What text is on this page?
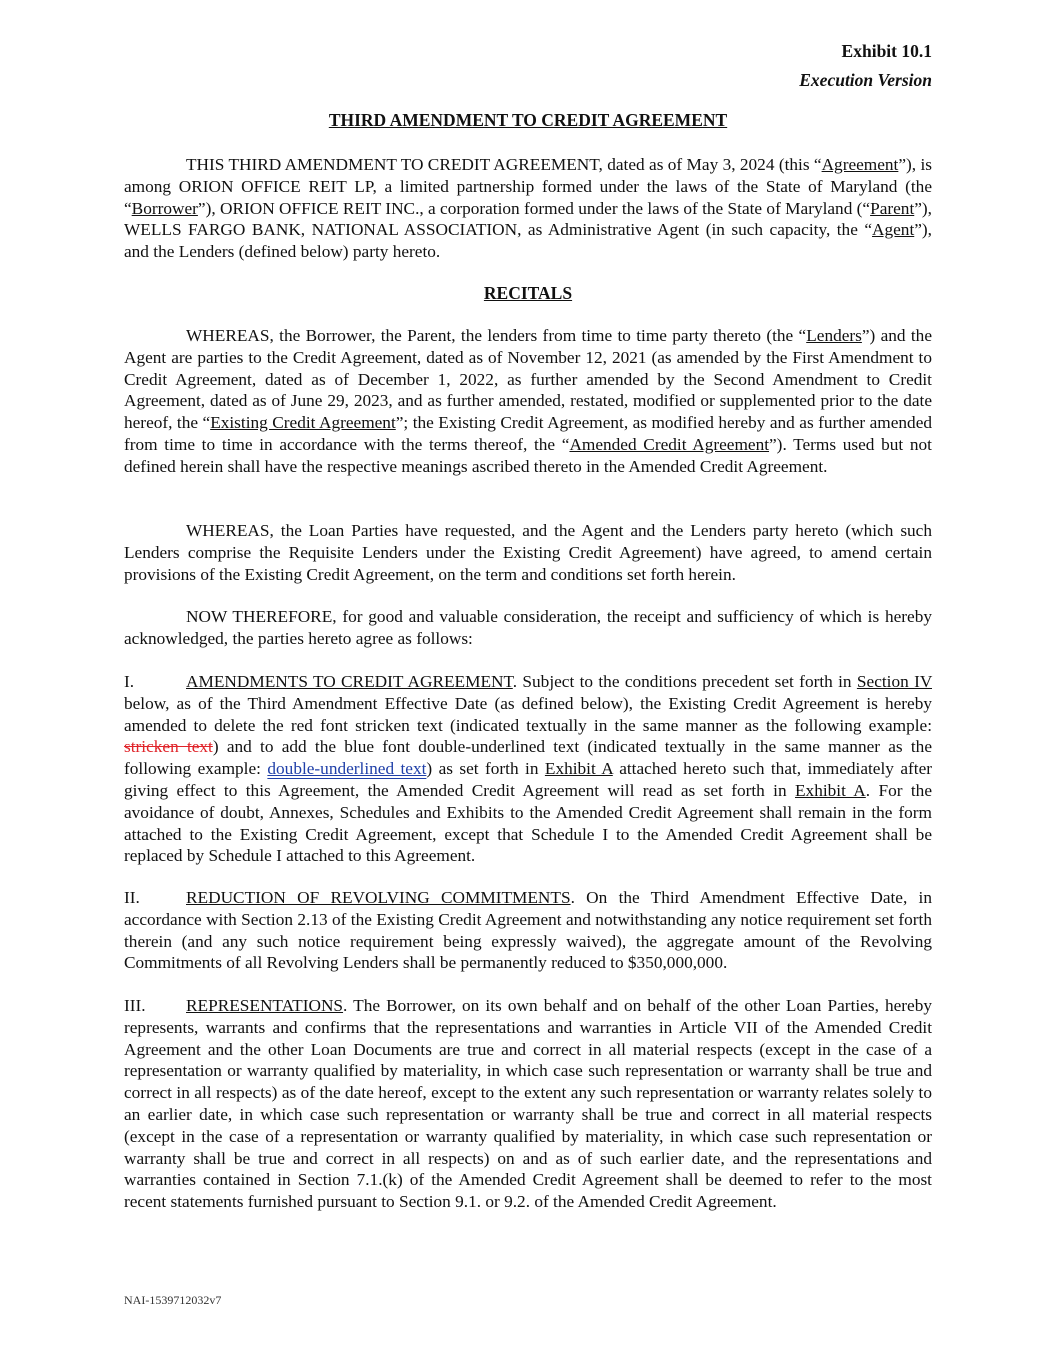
Exhibit 10.1
Execution Version
THIRD AMENDMENT TO CREDIT AGREEMENT
THIS THIRD AMENDMENT TO CREDIT AGREEMENT, dated as of May 3, 2024 (this “Agreement”), is among ORION OFFICE REIT LP, a limited partnership formed under the laws of the State of Maryland (the “Borrower”), ORION OFFICE REIT INC., a corporation formed under the laws of the State of Maryland (“Parent”), WELLS FARGO BANK, NATIONAL ASSOCIATION, as Administrative Agent (in such capacity, the “Agent”), and the Lenders (defined below) party hereto.
RECITALS
WHEREAS, the Borrower, the Parent, the lenders from time to time party thereto (the “Lenders”) and the Agent are parties to the Credit Agreement, dated as of November 12, 2021 (as amended by the First Amendment to Credit Agreement, dated as of December 1, 2022, as further amended by the Second Amendment to Credit Agreement, dated as of June 29, 2023, and as further amended, restated, modified or supplemented prior to the date hereof, the “Existing Credit Agreement”; the Existing Credit Agreement, as modified hereby and as further amended from time to time in accordance with the terms thereof, the “Amended Credit Agreement”). Terms used but not defined herein shall have the respective meanings ascribed thereto in the Amended Credit Agreement.
WHEREAS, the Loan Parties have requested, and the Agent and the Lenders party hereto (which such Lenders comprise the Requisite Lenders under the Existing Credit Agreement) have agreed, to amend certain provisions of the Existing Credit Agreement, on the term and conditions set forth herein.
NOW THEREFORE, for good and valuable consideration, the receipt and sufficiency of which is hereby acknowledged, the parties hereto agree as follows:
I.	AMENDMENTS TO CREDIT AGREEMENT. Subject to the conditions precedent set forth in Section IV below, as of the Third Amendment Effective Date (as defined below), the Existing Credit Agreement is hereby amended to delete the red font stricken text (indicated textually in the same manner as the following example: stricken text) and to add the blue font double-underlined text (indicated textually in the same manner as the following example: double-underlined text) as set forth in Exhibit A attached hereto such that, immediately after giving effect to this Agreement, the Amended Credit Agreement will read as set forth in Exhibit A. For the avoidance of doubt, Annexes, Schedules and Exhibits to the Amended Credit Agreement shall remain in the form attached to the Existing Credit Agreement, except that Schedule I to the Amended Credit Agreement shall be replaced by Schedule I attached to this Agreement.
II.	REDUCTION OF REVOLVING COMMITMENTS. On the Third Amendment Effective Date, in accordance with Section 2.13 of the Existing Credit Agreement and notwithstanding any notice requirement set forth therein (and any such notice requirement being expressly waived), the aggregate amount of the Revolving Commitments of all Revolving Lenders shall be permanently reduced to $350,000,000.
III. REPRESENTATIONS. The Borrower, on its own behalf and on behalf of the other Loan Parties, hereby represents, warrants and confirms that the representations and warranties in Article VII of the Amended Credit Agreement and the other Loan Documents are true and correct in all material respects (except in the case of a representation or warranty qualified by materiality, in which case such representation or warranty shall be true and correct in all respects) as of the date hereof, except to the extent any such representation or warranty relates solely to an earlier date, in which case such representation or warranty shall be true and correct in all material respects (except in the case of a representation or warranty qualified by materiality, in which case such representation or warranty shall be true and correct in all respects) on and as of such earlier date, and the representations and warranties contained in Section 7.1.(k) of the Amended Credit Agreement shall be deemed to refer to the most recent statements furnished pursuant to Section 9.1. or 9.2. of the Amended Credit Agreement.
NAI-1539712032v7
